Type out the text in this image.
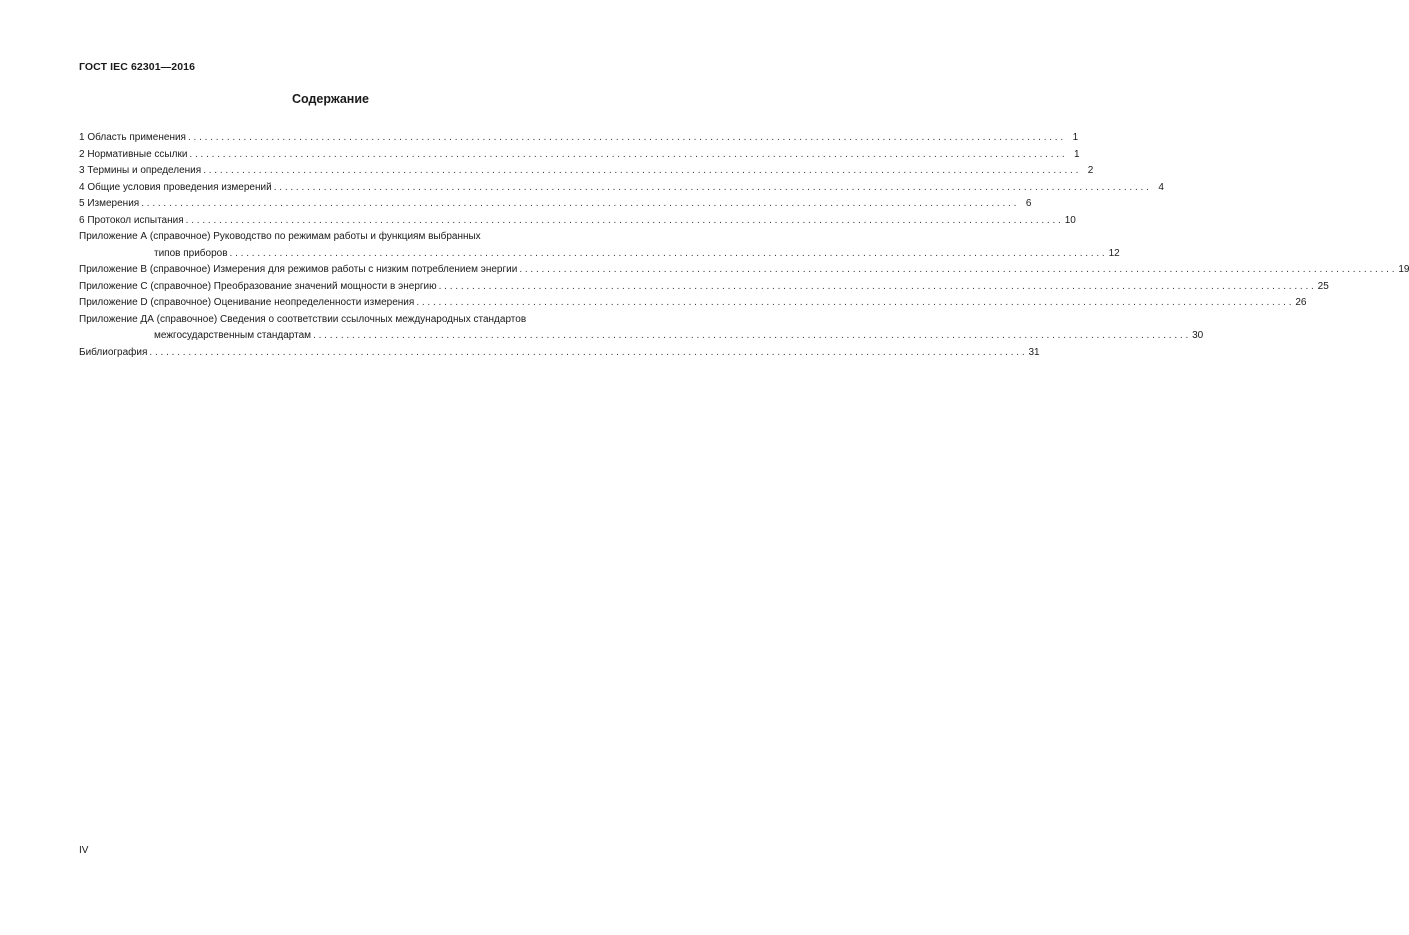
ГОСТ IEC 62301—2016
Содержание
1 Область применения . . .	1
2 Нормативные ссылки . . .	1
3 Термины и определения . . .	2
4 Общие условия проведения измерений . . .	4
5 Измерения . . .	6
6 Протокол испытания . . .	10
Приложение А (справочное) Руководство по режимам работы и функциям выбранных
типов приборов . . .	12
Приложение В (справочное) Измерения для режимов работы с низким потреблением энергии . . .	19
Приложение С (справочное) Преобразование значений мощности в энергию . . .	25
Приложение D (справочное) Оценивание неопределенности измерения . . .	26
Приложение ДА (справочное) Сведения о соответствии ссылочных международных стандартов
межгосударственным стандартам . . .	30
Библиография . . .	31
IV
